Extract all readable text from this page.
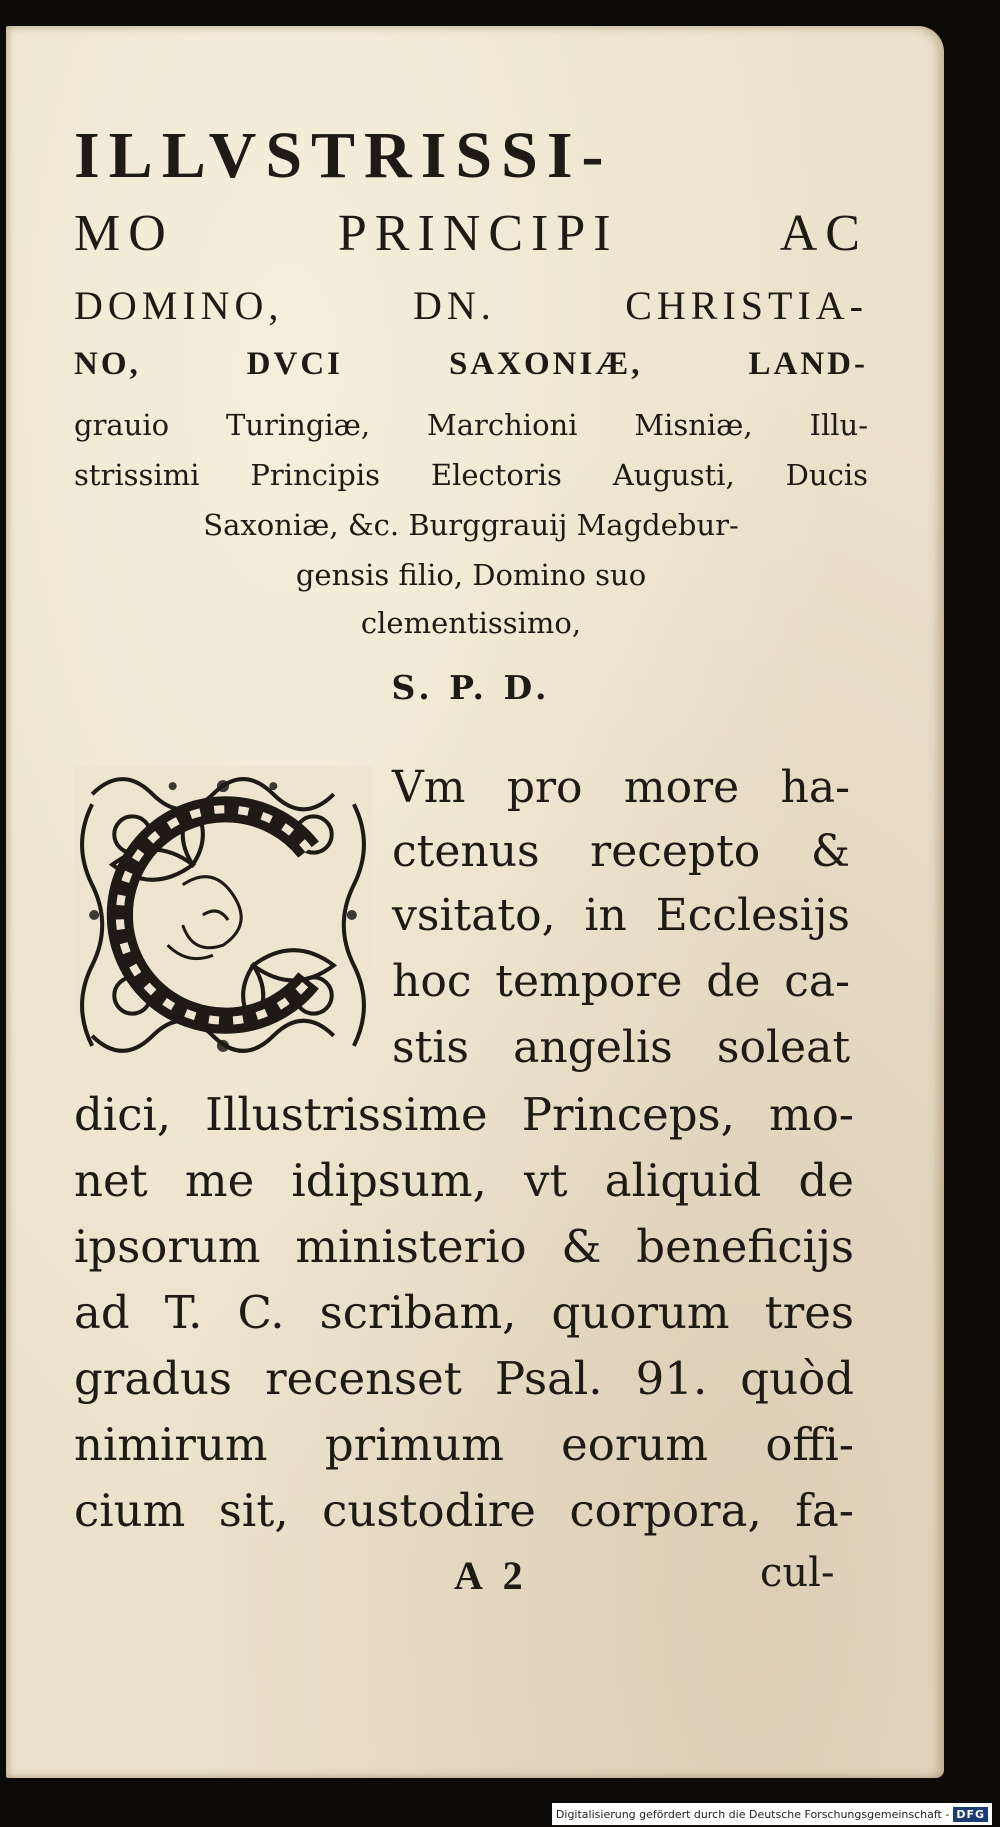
ILLVSTRISSI-
MO PRINCIPI AC
DOMINO, DN. CHRISTIA-
NO, DVCI SAXONIÆ, LAND-
grauio Turingiæ, Marchioni Misniæ, Illu-
strissimi Principis Electoris Augusti, Ducis
Saxoniæ, &c. Burggrauij Magdebur-
gensis filio, Domino suo
clementissimo,
S. P. D.
Vm pro more ha-
ctenus recepto &
vsitato, in Ecclesijs
hoc tempore de ca-
stis angelis soleat
dici, Illustrissime Princeps, mo-
net me idipsum, vt aliquid de
ipsorum ministerio & beneficijs
ad T. C. scribam, quorum tres
gradus recenset Psal. 91. quòd
nimirum primum eorum offi-
cium sit, custodire corpora, fa-
A 2	cul-
Digitalisierung gefördert durch die Deutsche Forschungsgemeinschaft - DFG
